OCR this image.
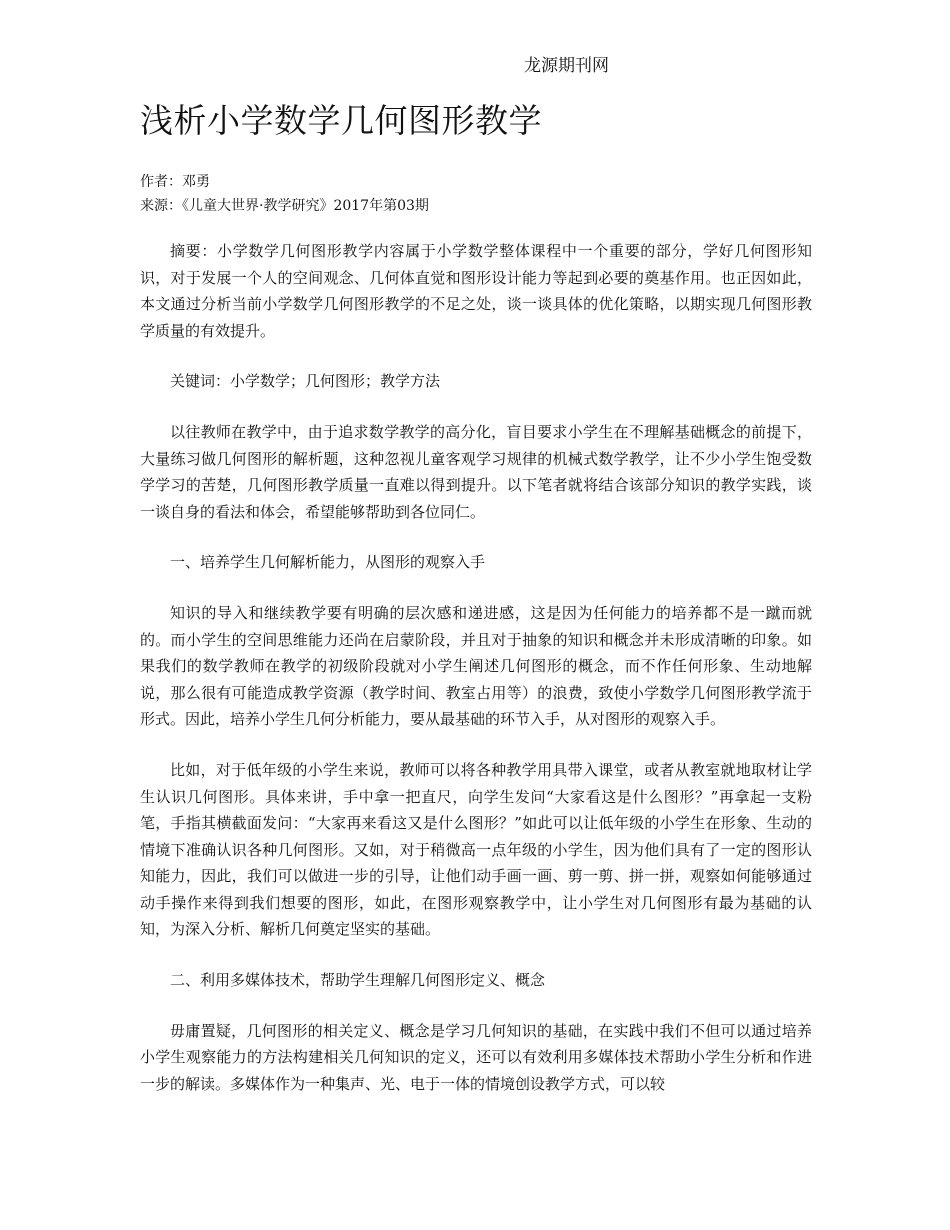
龙源期刊网
浅析小学数学几何图形教学
作者：邓勇
来源：《儿童大世界·教学研究》2017年第03期

摘要：小学数学几何图形教学内容属于小学数学整体课程中一个重要的部分，学好几何图形知识，对于发展一个人的空间观念、几何体直觉和图形设计能力等起到必要的奠基作用。也正因如此，本文通过分析当前小学数学几何图形教学的不足之处，谈一谈具体的优化策略，以期实现几何图形教学质量的有效提升。

关键词：小学数学；几何图形；教学方法

以往教师在教学中，由于追求数学教学的高分化，盲目要求小学生在不理解基础概念的前提下，大量练习做几何图形的解析题，这种忽视儿童客观学习规律的机械式数学教学，让不少小学生饱受数学学习的苦楚，几何图形教学质量一直难以得到提升。以下笔者就将结合该部分知识的教学实践，谈一谈自身的看法和体会，希望能够帮助到各位同仁。

一、培养学生几何解析能力，从图形的观察入手

知识的导入和继续教学要有明确的层次感和递进感，这是因为任何能力的培养都不是一蹴而就的。而小学生的空间思维能力还尚在启蒙阶段，并且对于抽象的知识和概念并未形成清晰的印象。如果我们的数学教师在教学的初级阶段就对小学生阐述几何图形的概念，而不作任何形象、生动地解说，那么很有可能造成教学资源（教学时间、教室占用等）的浪费，致使小学数学几何图形教学流于形式。因此，培养小学生几何分析能力，要从最基础的环节入手，从对图形的观察入手。

比如，对于低年级的小学生来说，教师可以将各种教学用具带入课堂，或者从教室就地取材让学生认识几何图形。具体来讲，手中拿一把直尺，向学生发问“大家看这是什么图形？”再拿起一支粉笔，手指其横截面发问：“大家再来看这又是什么图形？”如此可以让低年级的小学生在形象、生动的情境下准确认识各种几何图形。又如，对于稍微高一点年级的小学生，因为他们具有了一定的图形认知能力，因此，我们可以做进一步的引导，让他们动手画一画、剪一剪、拼一拼，观察如何能够通过动手操作来得到我们想要的图形，如此，在图形观察教学中，让小学生对几何图形有最为基础的认知，为深入分析、解析几何奠定坚实的基础。

二、利用多媒体技术，帮助学生理解几何图形定义、概念

毋庸置疑，几何图形的相关定义、概念是学习几何知识的基础，在实践中我们不但可以通过培养小学生观察能力的方法构建相关几何知识的定义，还可以有效利用多媒体技术帮助小学生分析和作进一步的解读。多媒体作为一种集声、光、电于一体的情境创设教学方式，可以较
